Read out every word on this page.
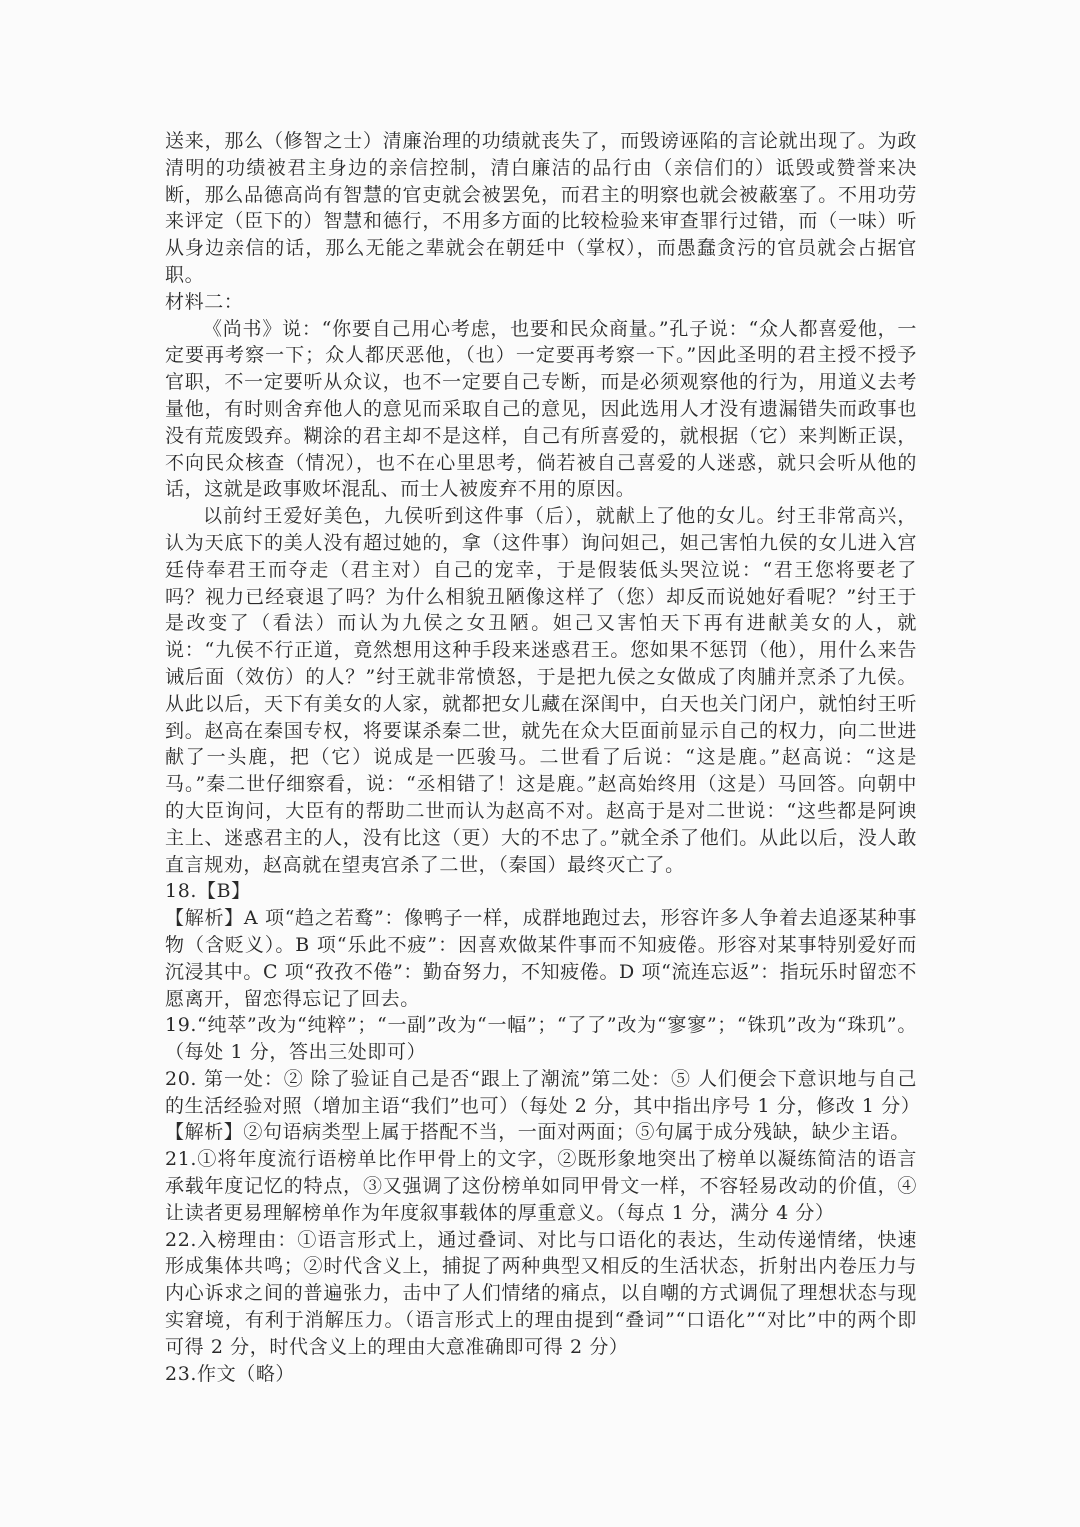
送来，那么（修智之士）清廉治理的功绩就丧失了，而毁谤诬陷的言论就出现了。为政清明的功绩被君主身边的亲信控制，清白廉洁的品行由（亲信们的）诋毁或赞誉来决断，那么品德高尚有智慧的官吏就会被罢免，而君主的明察也就会被蔽塞了。不用功劳来评定（臣下的）智慧和德行，不用多方面的比较检验来审查罪行过错，而（一味）听从身边亲信的话，那么无能之辈就会在朝廷中（掌权），而愚蠢贪污的官员就会占据官职。

材料二：

《尚书》说：“你要自己用心考虑，也要和民众商量。”孔子说：“众人都喜爱他，一定要再考察一下；众人都厌恶他，（也）一定要再考察一下。”因此圣明的君主授不授予官职，不一定要听从众议，也不一定要自己专断，而是必须观察他的行为，用道义去考量他，有时则舍弃他人的意见而采取自己的意见，因此选用人才没有遗漏错失而政事也没有荒废毁弃。糊涂的君主却不是这样，自己有所喜爱的，就根据（它）来判断正误，不向民众核查（情况），也不在心里思考，倘若被自己喜爱的人迷惑，就只会听从他的话，这就是政事败坏混乱、而士人被废弃不用的原因。

以前纣王爱好美色，九侯听到这件事（后），就献上了他的女儿。纣王非常高兴，认为天底下的美人没有超过她的，拿（这件事）询问妲己，妲己害怕九侯的女儿进入宫廷侍奉君王而夺走（君主对）自己的宠幸，于是假装低头哭泣说：“君王您将要老了吗？视力已经衰退了吗？为什么相貌丑陋像这样了（您）却反而说她好看呢？”纣王于是改变了（看法）而认为九侯之女丑陋。妲己又害怕天下再有进献美女的人，就说：“九侯不行正道，竟然想用这种手段来迷惑君王。您如果不惩罚（他），用什么来告诫后面（效仿）的人？”纣王就非常愤怒，于是把九侯之女做成了肉脯并烹杀了九侯。从此以后，天下有美女的人家，就都把女儿藏在深闺中，白天也关门闭户，就怕纣王听到。赵高在秦国专权，将要谋杀秦二世，就先在众大臣面前显示自己的权力，向二世进献了一头鹿，把（它）说成是一匹骏马。二世看了后说：“这是鹿。”赵高说：“这是马。”秦二世仔细察看，说：“丞相错了！这是鹿。”赵高始终用（这是）马回答。向朝中的大臣询问，大臣有的帮助二世而认为赵高不对。赵高于是对二世说：“这些都是阿谀主上、迷惑君主的人，没有比这（更）大的不忠了。”就全杀了他们。从此以后，没人敢直言规劝，赵高就在望夷宫杀了二世，（秦国）最终灭亡了。

18.【B】

【解析】A 项“趋之若鹜”：像鸭子一样，成群地跑过去，形容许多人争着去追逐某种事物（含贬义）。B 项“乐此不疲”：因喜欢做某件事而不知疲倦。形容对某事特别爱好而沉浸其中。C 项“孜孜不倦”：勤奋努力，不知疲倦。D 项“流连忘返”：指玩乐时留恋不愿离开，留恋得忘记了回去。

19.“纯萃”改为“纯粹”；“一副”改为“一幅”；“了了”改为“寥寥”；“铢玑”改为“珠玑”。（每处 1 分，答出三处即可）

20. 第一处：② 除了验证自己是否“跟上了潮流”第二处：⑤ 人们便会下意识地与自己的生活经验对照（增加主语“我们”也可）（每处 2 分，其中指出序号 1 分，修改 1 分）

【解析】②句语病类型上属于搭配不当，一面对两面；⑤句属于成分残缺，缺少主语。

21.①将年度流行语榜单比作甲骨上的文字，②既形象地突出了榜单以凝练简洁的语言承载年度记忆的特点，③又强调了这份榜单如同甲骨文一样，不容轻易改动的价值，④让读者更易理解榜单作为年度叙事载体的厚重意义。（每点 1 分，满分 4 分）

22.入榜理由：①语言形式上，通过叠词、对比与口语化的表达，生动传递情绪，快速形成集体共鸣；②时代含义上，捕捉了两种典型又相反的生活状态，折射出内卷压力与内心诉求之间的普遍张力，击中了人们情绪的痛点，以自嘲的方式调侃了理想状态与现实窘境，有利于消解压力。（语言形式上的理由提到“叠词”“口语化”“对比”中的两个即可得 2 分，时代含义上的理由大意准确即可得 2 分）

23.作文（略）
